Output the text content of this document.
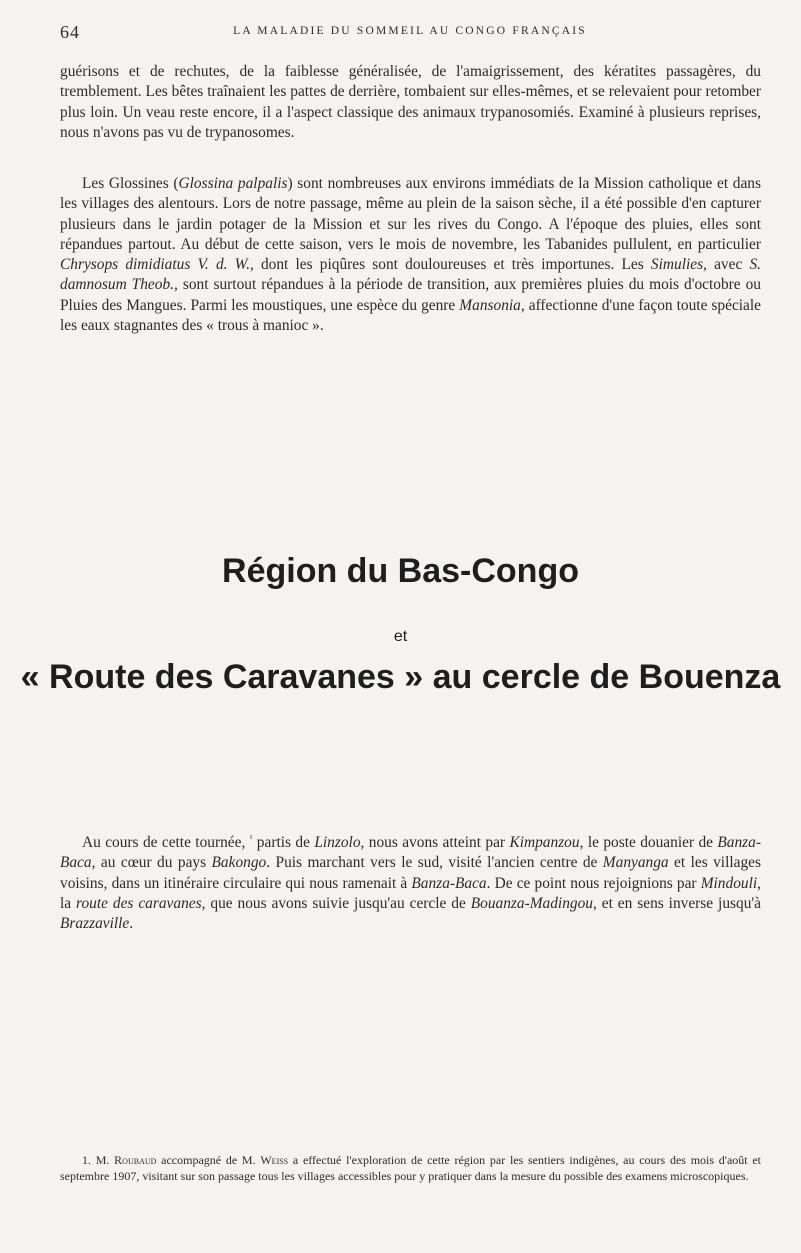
64	LA MALADIE DU SOMMEIL AU CONGO FRANÇAIS

guérisons et de rechutes, de la faiblesse généralisée, de l'amaigrissement, des kératites passagères, du tremblement. Les bêtes traînaient les pattes de derrière, tombaient sur elles-mêmes, et se relevaient pour retomber plus loin. Un veau reste encore, il a l'aspect classique des animaux trypanosomiés. Examiné à plusieurs reprises, nous n'avons pas vu de trypanosomes.

Les Glossines (Glossina palpalis) sont nombreuses aux environs immédiats de la Mission catholique et dans les villages des alentours. Lors de notre passage, même au plein de la saison sèche, il a été possible d'en capturer plusieurs dans le jardin potager de la Mission et sur les rives du Congo. A l'époque des pluies, elles sont répandues partout. Au début de cette saison, vers le mois de novembre, les Tabanides pullulent, en particulier Chrysops dimidiatus V. d. W., dont les piqûres sont douloureuses et très importunes. Les Simulies, avec S. damnosum Theob., sont surtout répandues à la période de transition, aux premières pluies du mois d'octobre ou Pluies des Mangues. Parmi les moustiques, une espèce du genre Mansonia, affectionne d'une façon toute spéciale les eaux stagnantes des « trous à manioc ».

Région du Bas-Congo
et
« Route des Caravanes » au cercle de Bouenza

Au cours de cette tournée, $^{^1}$ partis de Linzolo, nous avons atteint par Kimpanzou, le poste douanier de Banza-Baca, au cœur du pays Bakongo. Puis marchant vers le sud, visité l'ancien centre de Manyanga et les villages voisins, dans un itinéraire circulaire qui nous ramenait à Banza-Baca. De ce point nous rejoignions par Mindouli, la route des caravanes, que nous avons suivie jusqu'au cercle de Bouanza-Madingou, et en sens inverse jusqu'à Brazzaville.

1. M. Roubaud accompagné de M. Weiss a effectué l'exploration de cette région par les sentiers indigènes, au cours des mois d'août et septembre 1907, visitant sur son passage tous les villages accessibles pour y pratiquer dans la mesure du possible des examens microscopiques.
